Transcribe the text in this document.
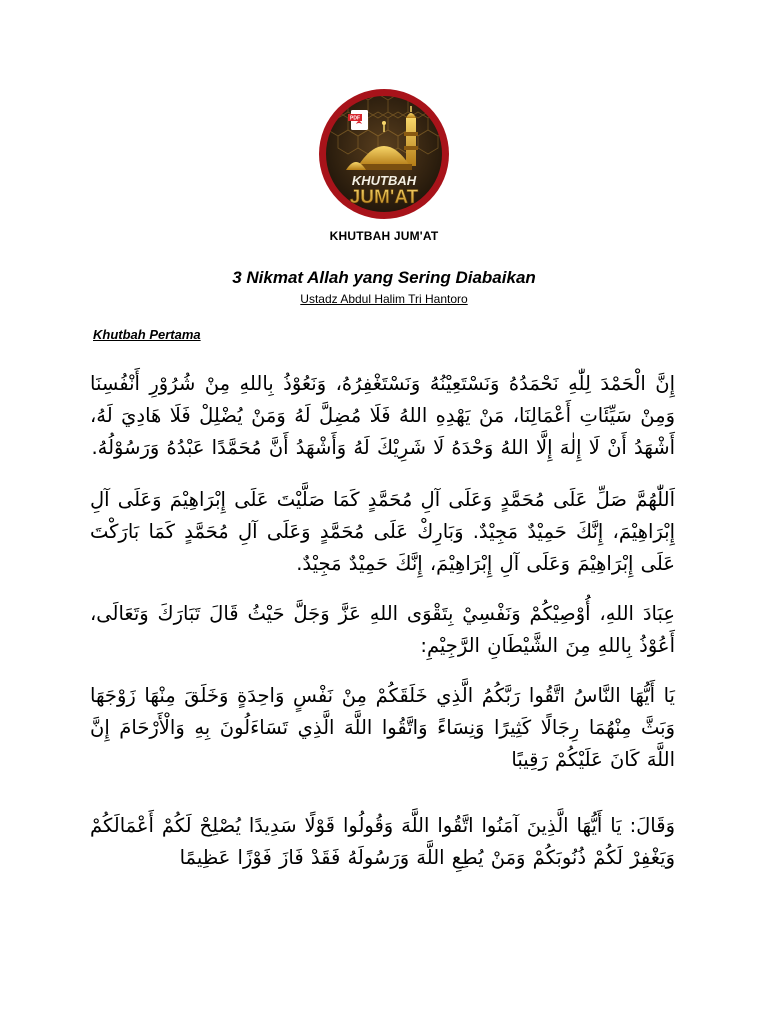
PDF
KHUTBAH
JUM'AT
KHUTBAH JUM'AT
3 Nikmat Allah yang Sering Diabaikan
Ustadz Abdul Halim Tri Hantoro
Khutbah Pertama
إِنَّ الْحَمْدَ لِلّٰهِ نَحْمَدُهُ وَنَسْتَعِيْنُهُ وَنَسْتَغْفِرُهُ، وَنَعُوْذُ بِاللهِ مِنْ شُرُوْرِ أَنْفُسِنَا وَمِنْ سَيِّئَاتِ أَعْمَالِنَا، مَنْ يَهْدِهِ اللهُ فَلَا مُضِلَّ لَهُ وَمَنْ يُضْلِلْ فَلَا هَادِيَ لَهُ، أَشْهَدُ أَنْ لَا إِلٰهَ إِلَّا اللهُ وَحْدَهُ لَا شَرِيْكَ لَهُ وَأَشْهَدُ أَنَّ مُحَمَّدًا عَبْدُهُ وَرَسُوْلُهُ.
اَللّٰهُمَّ صَلِّ عَلَى مُحَمَّدٍ وَعَلَى آلِ مُحَمَّدٍ كَمَا صَلَّيْتَ عَلَى إِبْرَاهِيْمَ وَعَلَى آلِ إِبْرَاهِيْمَ، إِنَّكَ حَمِيْدٌ مَجِيْدٌ. وَبَارِكْ عَلَى مُحَمَّدٍ وَعَلَى آلِ مُحَمَّدٍ كَمَا بَارَكْتَ عَلَى إِبْرَاهِيْمَ وَعَلَى آلِ إِبْرَاهِيْمَ، إِنَّكَ حَمِيْدٌ مَجِيْدٌ.
عِبَادَ اللهِ، أُوْصِيْكُمْ وَنَفْسِيْ بِتَقْوَى اللهِ عَزَّ وَجَلَّ حَيْثُ قَالَ تَبَارَكَ وَتَعَالَى، أَعُوْذُ بِاللهِ مِنَ الشَّيْطَانِ الرَّجِيْمِ:
يَا أَيُّهَا النَّاسُ اتَّقُوا رَبَّكُمُ الَّذِي خَلَقَكُمْ مِنْ نَفْسٍ وَاحِدَةٍ وَخَلَقَ مِنْهَا زَوْجَهَا وَبَثَّ مِنْهُمَا رِجَالًا كَثِيرًا وَنِسَاءً وَاتَّقُوا اللَّهَ الَّذِي تَسَاءَلُونَ بِهِ وَالْأَرْحَامَ إِنَّ اللَّهَ كَانَ عَلَيْكُمْ رَقِيبًا
وَقَالَ: يَا أَيُّهَا الَّذِينَ آمَنُوا اتَّقُوا اللَّهَ وَقُولُوا قَوْلًا سَدِيدًا يُصْلِحْ لَكُمْ أَعْمَالَكُمْ وَيَغْفِرْ لَكُمْ ذُنُوبَكُمْ وَمَنْ يُطِعِ اللَّهَ وَرَسُولَهُ فَقَدْ فَازَ فَوْزًا عَظِيمًا
